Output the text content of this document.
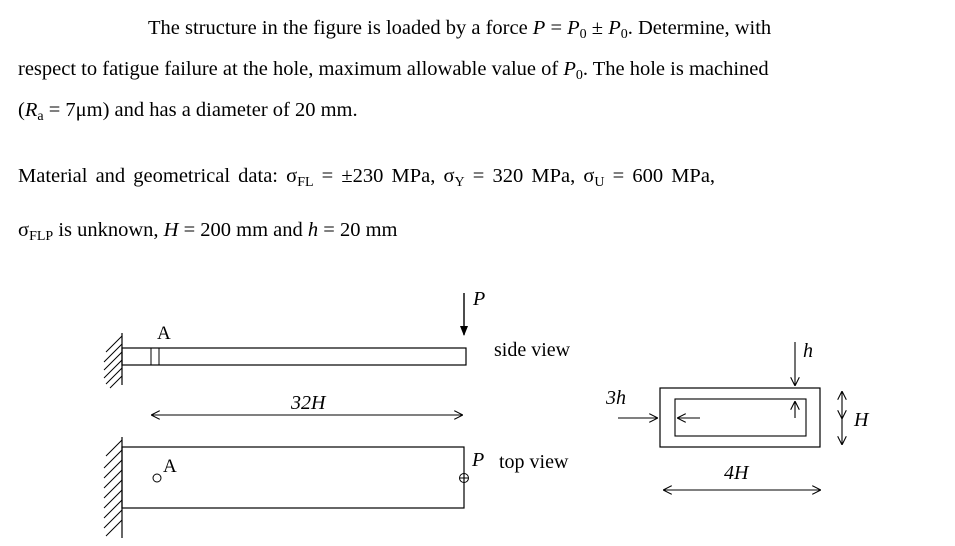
The structure in the figure is loaded by a force $P = P_0 \pm P_0$. Determine, with
respect to fatigue failure at the hole, maximum allowable value of $P_0$. The hole is machined
$(R_a = 7\mu m)$ and has a diameter of 20 mm.
Material and geometrical data: $\sigma_{FL} = \pm 230$ MPa, $\sigma_Y = 320$ MPa, $\sigma_U = 600$ MPa,
$\sigma_{FLP}$ is unknown, H = 200 mm and h = 20 mm
A
P
side view
32H
A	P top view
h
3h
H
4H
